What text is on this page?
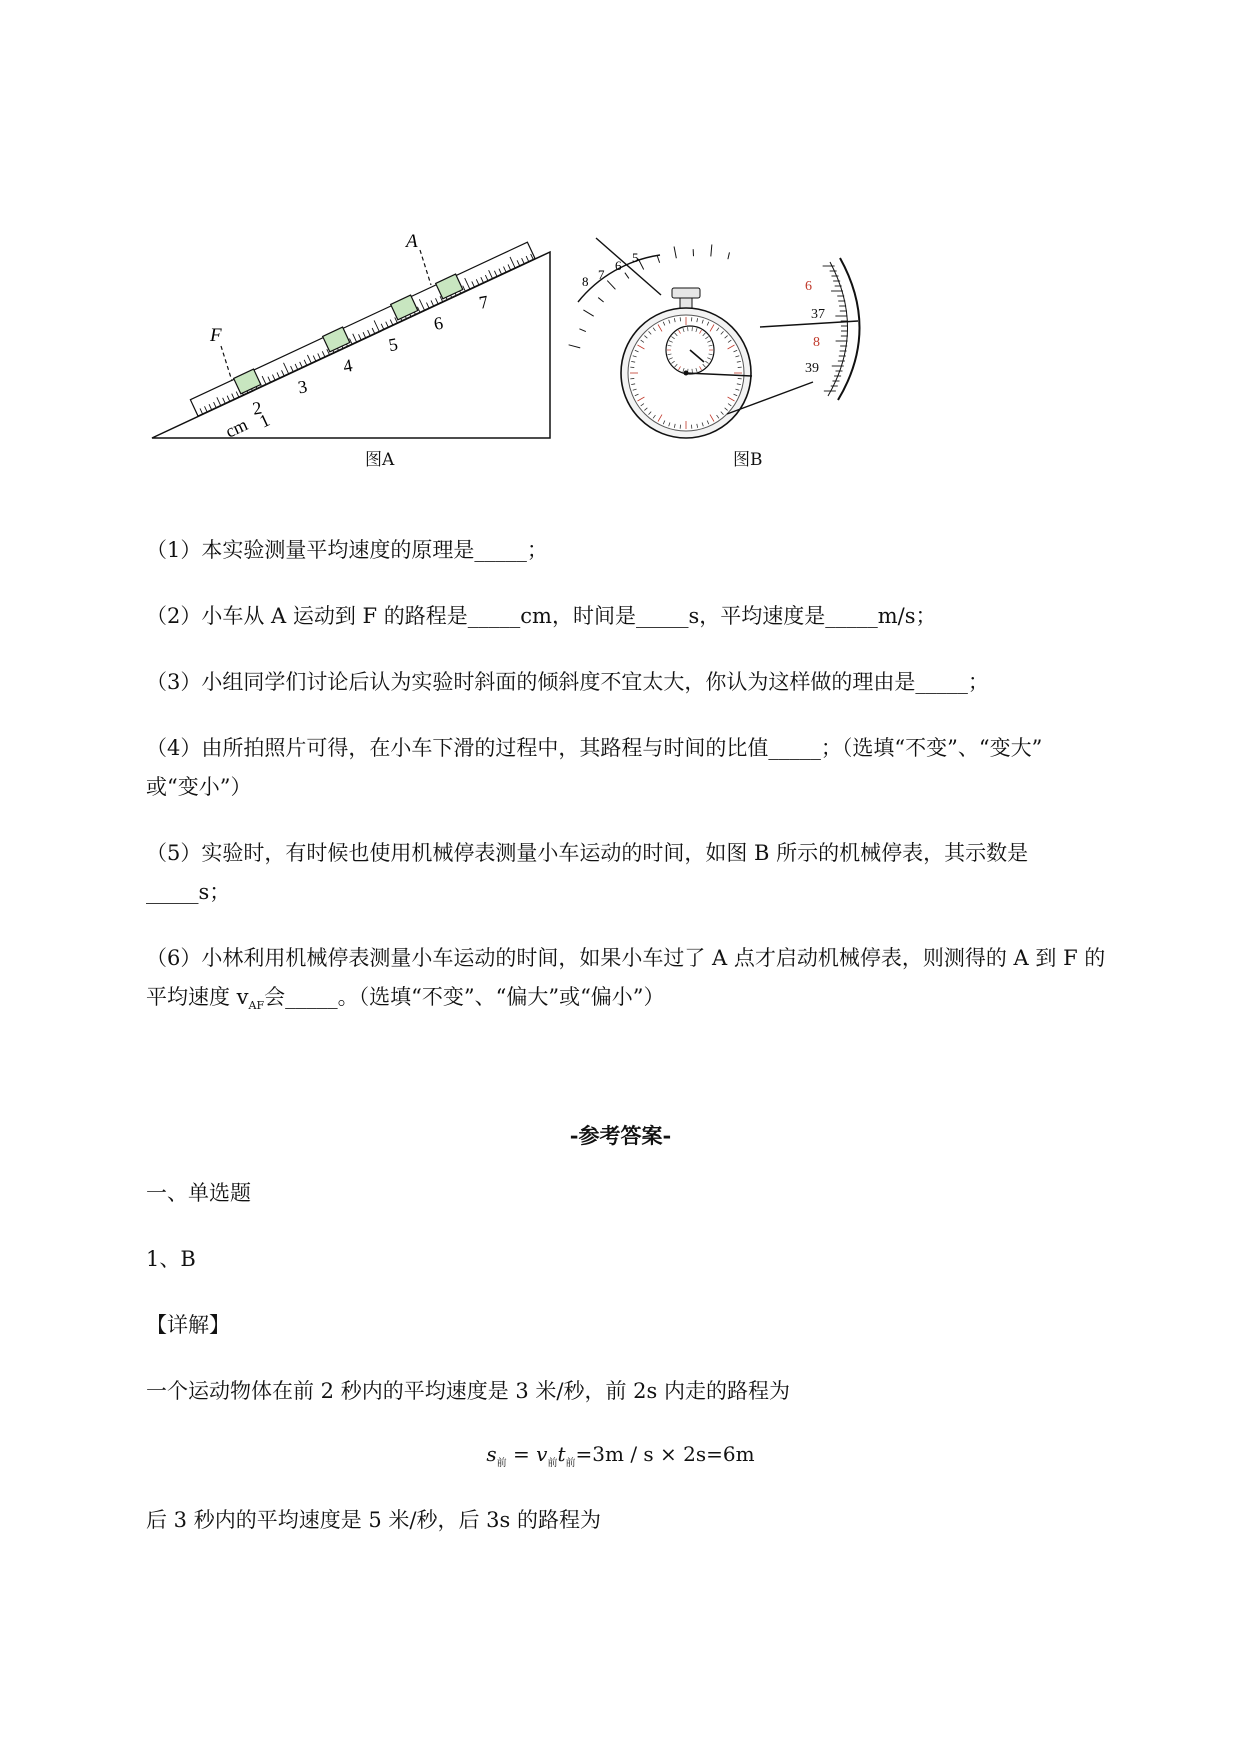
F
A
cm 1
2
3
4
5
6
7
6
37
8
39
8 7
6
5
图A	图B
（1）本实验测量平均速度的原理是_____；
（2）小车从 A 运动到 F 的路程是_____cm，时间是_____s，平均速度是_____m/s；
（3）小组同学们讨论后认为实验时斜面的倾斜度不宜太大，你认为这样做的理由是_____；
（4）由所拍照片可得，在小车下滑的过程中，其路程与时间的比值_____；（选填“不变”、“变大”
或“变小”）
（5）实验时，有时候也使用机械停表测量小车运动的时间，如图 B 所示的机械停表，其示数是
_____s；
（6）小林利用机械停表测量小车运动的时间，如果小车过了 A 点才启动机械停表，则测得的 A 到 F 的
平均速度 $v_{AF}$会_____。（选填“不变”、“偏大”或“偏小”）
-参考答案-
一、单选题
1、B
【详解】
一个运动物体在前 2 秒内的平均速度是 3 米/秒，前 2s 内走的路程为
$s_前 = v_前t_前=3m / s \times 2s=6m$
后 3 秒内的平均速度是 5 米/秒，后 3s 的路程为
